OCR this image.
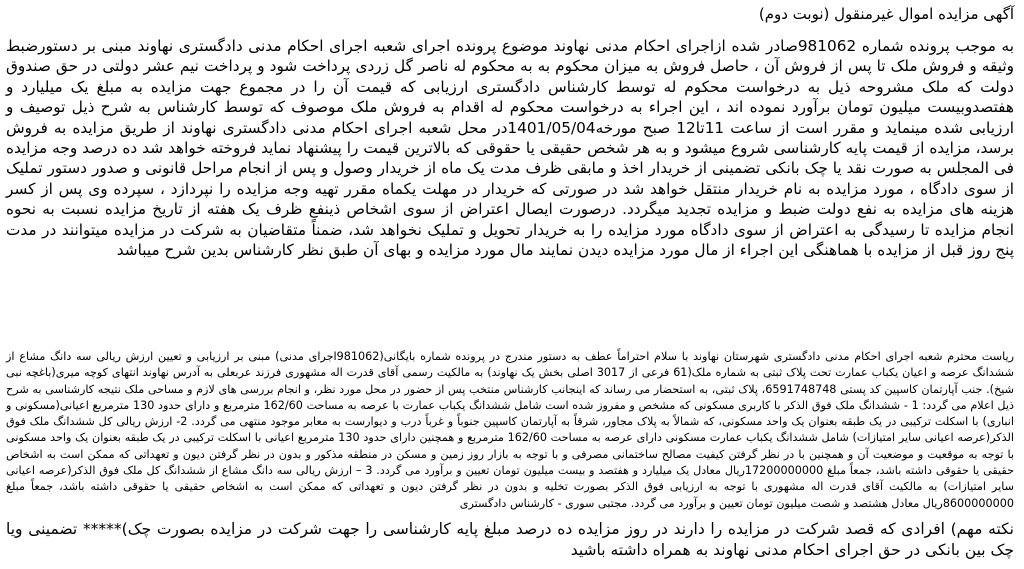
آگهی مزایده اموال غیرمنقول (نوبت دوم)

به موجب پرونده شماره 981062صادر شده ازاجرای احکام مدنی نهاوند موضوع پرونده اجرای شعبه اجرای احکام مدنی دادگستری نهاوند مبنی بر دستورضبط وثیقه و فروش ملک تا پس از فروش آن ، حاصل فروش به میزان محکوم به به محکوم له ناصر گل زردی پرداخت شود و پرداخت نیم عشر دولتی در حق صندوق دولت که ملک مشروحه ذیل به درخواست محکوم له توسط کارشناس دادگستری ارزیابی که قیمت آن را در مجموع جهت مزایده به مبلغ یک میلیارد و هفتصدوبیست میلیون تومان برآورد نموده اند ، این اجراء به درخواست محکوم له اقدام به فروش ملک موصوف که توسط کارشناس به شرح ذیل توصیف و ارزیابی شده مینماید و مقرر است از ساعت 11تا12 صبح مورخه1401/05/04در محل شعبه اجرای احکام مدنی دادگستری نهاوند از طریق مزایده به فروش برسد، مزایده از قیمت پایه کارشناسی شروع میشود و به هر شخص حقیقی یا حقوقی که بالاترین قیمت را پیشنهاد نماید فروخته خواهد شد ده درصد وجه مزایده فی المجلس به صورت نقد یا چک بانکی تضمینی از خریدار اخذ و مابقی ظرف مدت یک ماه از خریدار وصول و پس از انجام مراحل قانونی و صدور دستور تملیک از سوی دادگاه ، مورد مزایده به نام خریدار منتقل خواهد شد در صورتی که خریدار در مهلت یکماه مقرر تهیه وجه مزایده را نپردازد ، سپرده وی پس از کسر هزینه های مزایده به نفع دولت ضبط و مزایده تجدید میگردد. درصورت ایصال اعتراض از سوی اشخاص ذینفع ظرف یک هفته از تاریخ مزایده نسبت به نحوه انجام مزایده تا رسیدگی به اعتراض از سوی دادگاه مورد مزایده را به خریدار تحویل و تملیک نخواهد شد، ضمناً متقاضیان به شرکت در مزایده میتوانند در مدت پنج روز قبل از مزایده با هماهنگی این اجراء از مال مورد مزایده دیدن نمایند مال مورد مزایده و بهای آن طبق نظر کارشناس بدین شرح میباشد

ریاست محترم شعبه اجرای احکام مدنی دادگستری شهرستان نهاوند با سلام احتراماً عطف به دستور مندرج در پرونده شماره بایگانی(981062اجرای مدنی) مبنی بر ارزیابی و تعیین ارزش ریالی سه دانگ مشاع از ششدانگ عرصه و اعیان یکباب عمارت تحت پلاک ثبتی به شماره ملک(61 فرعی از 3017 اصلی بخش یک نهاوند) به مالکیت رسمی آقای قدرت اله مشهوری فرزند عربعلی به آدرس نهاوند انتهای کوچه میری(باغچه نبی شیخ). جنب آپارتمان کاسپین کد پستی 6591748748، پلاک ثبتی، به استحضار می رساند که اینجانب کارشناس منتخب پس از حضور در محل مورد نظر، و انجام بررسی های لازم و مساحی ملک نتیجه کارشناسی به شرح ذیل اعلام می گردد: 1 - ششدانگ ملک فوق الذکر با کاربری مسکونی که مشخص و مفروز شده است شامل ششدانگ یکباب عمارت با عرصه به مساحت 162/60 مترمربع و دارای حدود 130 مترمربع اعیانی(مسکونی و انباری) با اسکلت ترکیبی در یک طبقه بعنوان یک واحد مسکونی، که شمالاً به پلاک مجاور، شرقاً به آپارتمان کاسپین جنوباً و غرباً درب و دیوارست به معابر موجود منتهی می گردد. 2- ارزش ریالی کل ششدانگ ملک فوق الذکر(عرصه اعیانی سایر امتیازات) شامل ششدانگ یکباب عمارت مسکونی دارای عرصه به مساحت 162/60 مترمربع و همچنین دارای حدود 130 مترمربع اعیانی با اسکلت ترکیبی در یک طبقه بعنوان یک واحد مسکونی با توجه به موقعیت و موضعیت آن و همچنین با در نظر گرفتن کیفیت مصالح ساختمانی مصرفی و با توجه به بازار روز زمین و مسکن در منطقه مذکور و بدون در نظر گرفتن دیون و تعهداتی که ممکن است به اشخاص حقیقی یا حقوقی داشته باشد، جمعاً مبلغ 17200000000ریال معادل یک میلیارد و هفتصد و بیست میلیون تومان تعیین و برآورد می گردد. 3 – ارزش ریالی سه دانگ مشاع از ششدانگ کل ملک فوق الذکر(عرصه اعیانی سایر امتیازات) به مالکیت آقای قدرت اله مشهوری با توجه به ارزیابی فوق الذکر بصورت تخلیه و بدون در نظر گرفتن دیون و تعهداتی که ممکن است به اشخاص حقیقی یا حقوقی داشته باشد، جمعاً مبلغ 8600000000ریال معادل هشتصد و شصت میلیون تومان تعیین و برآورد می گردد. مجتبی سوری - کارشناس دادگستری

نکته مهم) افرادی که قصد شرکت در مزایده را دارند در روز مزایده ده درصد مبلغ پایه کارشناسی را جهت شرکت در مزایده بصورت چک)***** تضمینی ویا چک بین بانکی در حق اجرای احکام مدنی نهاوند به همراه داشته باشید
